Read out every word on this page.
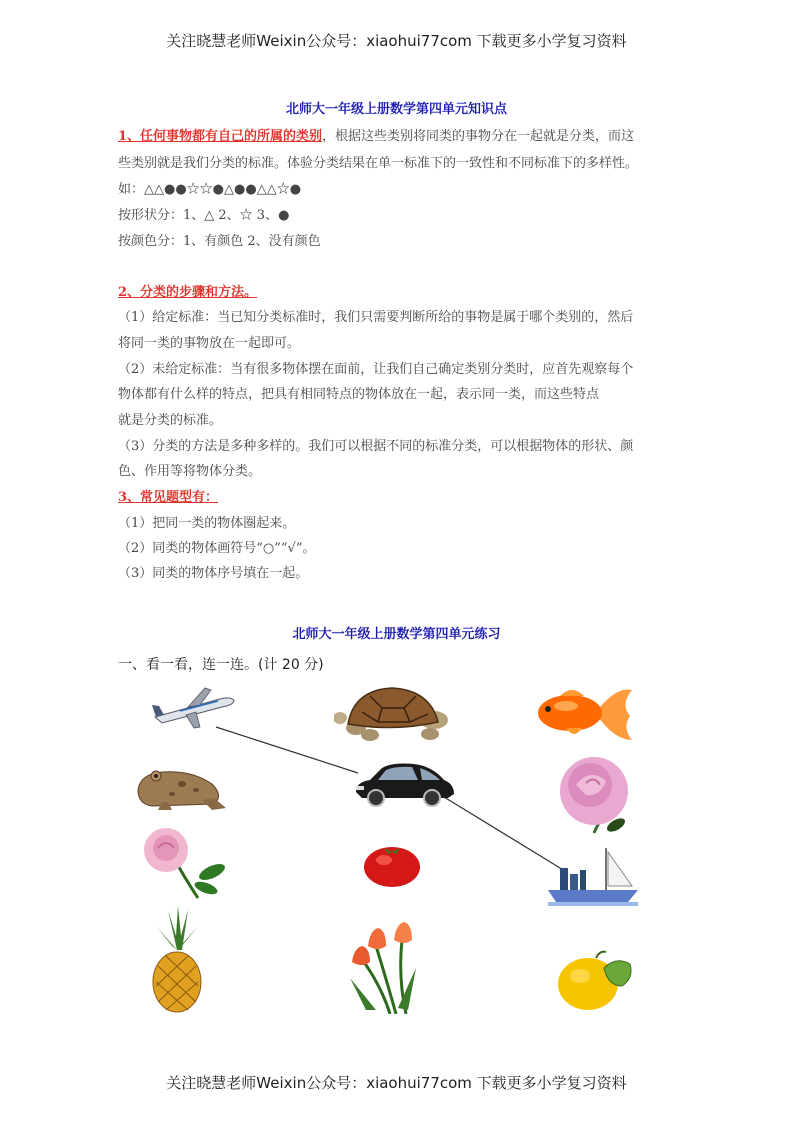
关注晓慧老师Weixin公众号：xiaohui77com 下载更多小学复习资料
北师大一年级上册数学第四单元知识点
1、任何事物都有自己的所属的类别，根据这些类别将同类的事物分在一起就是分类，而这
些类别就是我们分类的标准。体验分类结果在单一标准下的一致性和不同标准下的多样性。
如：△△●●☆☆●△●●△△☆●
按形状分：1、△ 2、☆ 3、●
按颜色分：1、有颜色 2、没有颜色
2、分类的步骤和方法。
（1）给定标准：当已知分类标准时，我们只需要判断所给的事物是属于哪个类别的，然后
将同一类的事物放在一起即可。
（2）未给定标准：当有很多物体摆在面前，让我们自己确定类别分类时，应首先观察每个
物体都有什么样的特点，把具有相同特点的物体放在一起，表示同一类，而这些特点
就是分类的标准。
（3）分类的方法是多种多样的。我们可以根据不同的标准分类，可以根据物体的形状、颜
色、作用等将物体分类。
3、常见题型有：
（1）把同一类的物体圈起来。
（2）同类的物体画符号“○”“√”。
（3）同类的物体序号填在一起。
北师大一年级上册数学第四单元练习
一、看一看，连一连。(计 20 分)
关注晓慧老师Weixin公众号：xiaohui77com 下载更多小学复习资料
